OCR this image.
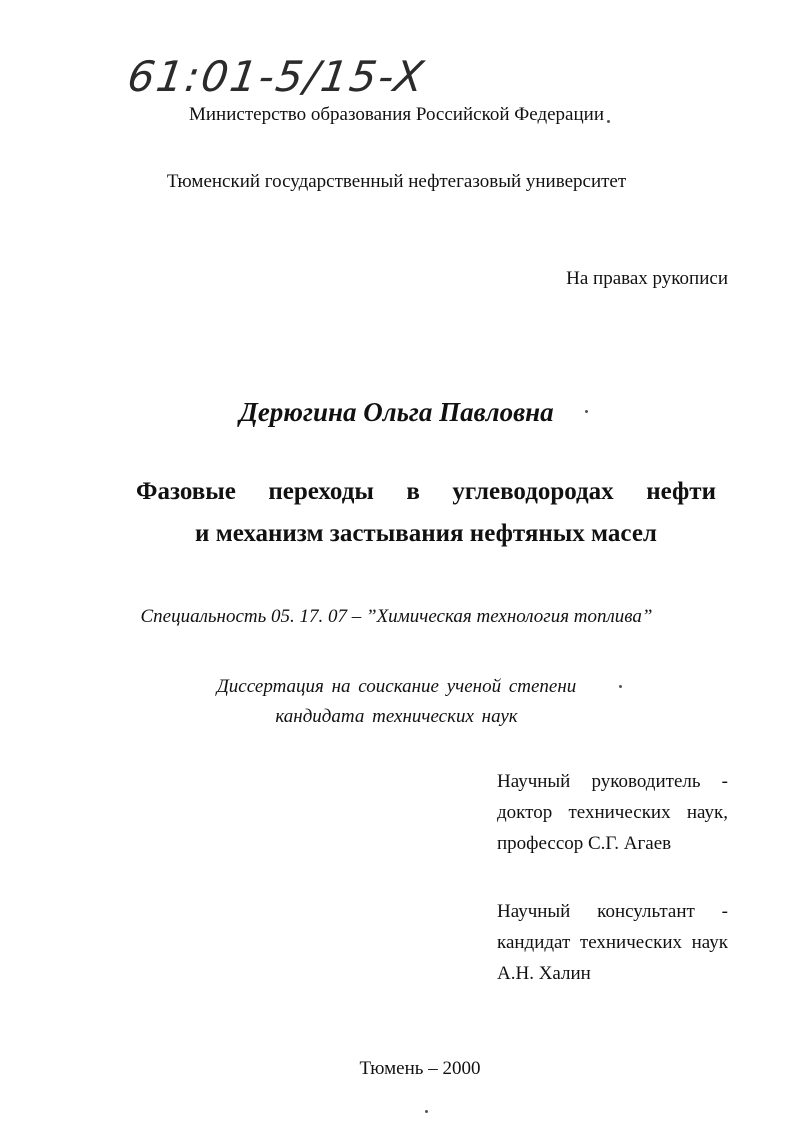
61:01-5/15-X
Министерство образования Российской Федерации
Тюменский государственный нефтегазовый университет
На правах рукописи
Дерюгина Ольга Павловна
Фазовые переходы в углеводородах нефти
и механизм застывания нефтяных масел
Специальность 05. 17. 07 – ”Химическая технология топлива”
Диссертация на соискание ученой степени
кандидата технических наук
Научный руководитель -
доктор технических наук,
профессор С.Г. Агаев
Научный консультант -
кандидат технических наук
А.Н. Халин
Тюмень – 2000
